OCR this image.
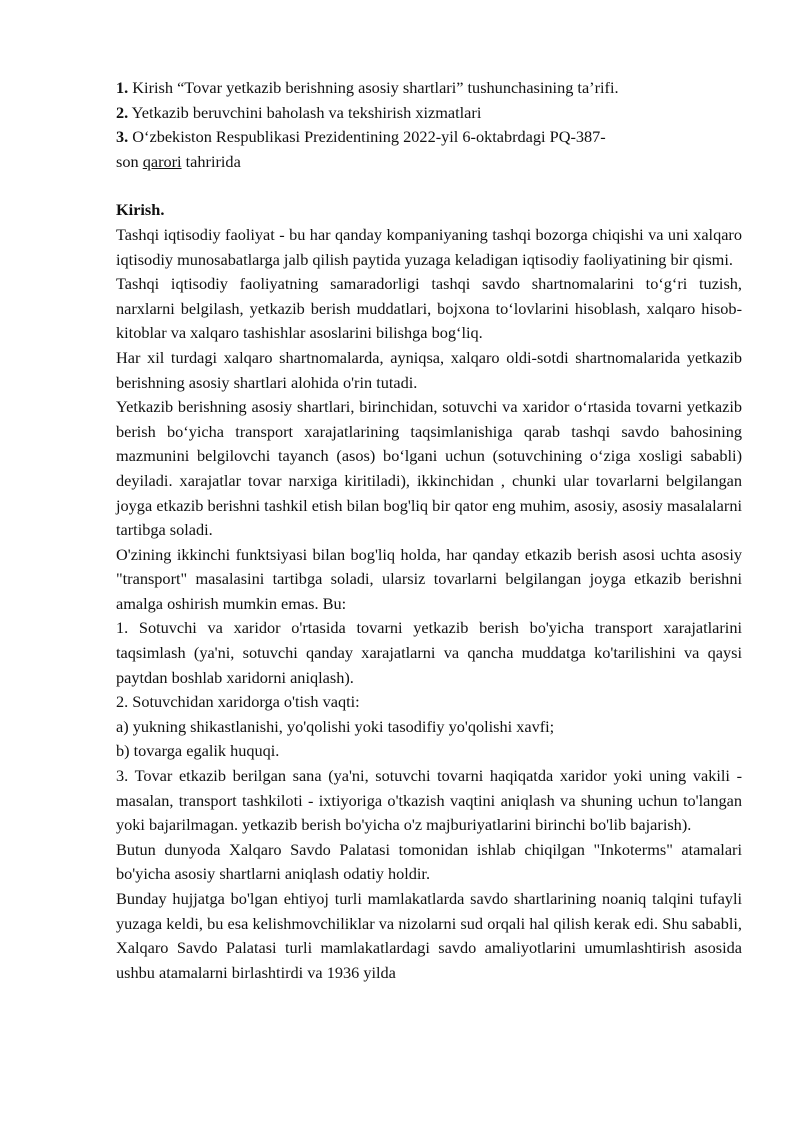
1. Kirish “Tovar yetkazib berishning asosiy shartlari” tushunchasining ta’rifi.

2. Yetkazib beruvchini baholash va tekshirish xizmatlari

3. O‘zbekiston Respublikasi Prezidentining 2022-yil 6-oktabrdagi PQ-387-

son qarori tahririda

Kirish.

Tashqi iqtisodiy faoliyat - bu har qanday kompaniyaning tashqi bozorga chiqishi va uni xalqaro iqtisodiy munosabatlarga jalb qilish paytida yuzaga keladigan iqtisodiy faoliyatining bir qismi.

Tashqi iqtisodiy faoliyatning samaradorligi tashqi savdo shartnomalarini to‘g‘ri tuzish, narxlarni belgilash, yetkazib berish muddatlari, bojxona to‘lovlarini hisoblash, xalqaro hisob-kitoblar va xalqaro tashishlar asoslarini bilishga bog‘liq.

Har xil turdagi xalqaro shartnomalarda, ayniqsa, xalqaro oldi-sotdi shartnomalarida yetkazib berishning asosiy shartlari alohida o'rin tutadi.

Yetkazib berishning asosiy shartlari, birinchidan, sotuvchi va xaridor o‘rtasida tovarni yetkazib berish bo‘yicha transport xarajatlarining taqsimlanishiga qarab tashqi savdo bahosining mazmunini belgilovchi tayanch (asos) bo‘lgani uchun (sotuvchining o‘ziga xosligi sababli) deyiladi. xarajatlar tovar narxiga kiritiladi), ikkinchidan , chunki ular tovarlarni belgilangan joyga etkazib berishni tashkil etish bilan bog'liq bir qator eng muhim, asosiy, asosiy masalalarni tartibga soladi.

O'zining ikkinchi funktsiyasi bilan bog'liq holda, har qanday etkazib berish asosi uchta asosiy "transport" masalasini tartibga soladi, ularsiz tovarlarni belgilangan joyga etkazib berishni amalga oshirish mumkin emas. Bu:

1. Sotuvchi va xaridor o'rtasida tovarni yetkazib berish bo'yicha transport xarajatlarini taqsimlash (ya'ni, sotuvchi qanday xarajatlarni va qancha muddatga ko'tarilishini va qaysi paytdan boshlab xaridorni aniqlash).

2. Sotuvchidan xaridorga o'tish vaqti:

a) yukning shikastlanishi, yo'qolishi yoki tasodifiy yo'qolishi xavfi;

b) tovarga egalik huquqi.

3. Tovar etkazib berilgan sana (ya'ni, sotuvchi tovarni haqiqatda xaridor yoki uning vakili - masalan, transport tashkiloti - ixtiyoriga o'tkazish vaqtini aniqlash va shuning uchun to'langan yoki bajarilmagan. yetkazib berish bo'yicha o'z majburiyatlarini birinchi bo'lib bajarish).

Butun dunyoda Xalqaro Savdo Palatasi tomonidan ishlab chiqilgan "Inkoterms" atamalari bo'yicha asosiy shartlarni aniqlash odatiy holdir.

Bunday hujjatga bo'lgan ehtiyoj turli mamlakatlarda savdo shartlarining noaniq talqini tufayli yuzaga keldi, bu esa kelishmovchiliklar va nizolarni sud orqali hal qilish kerak edi. Shu sababli, Xalqaro Savdo Palatasi turli mamlakatlardagi savdo amaliyotlarini umumlashtirish asosida ushbu atamalarni birlashtirdi va 1936 yilda
